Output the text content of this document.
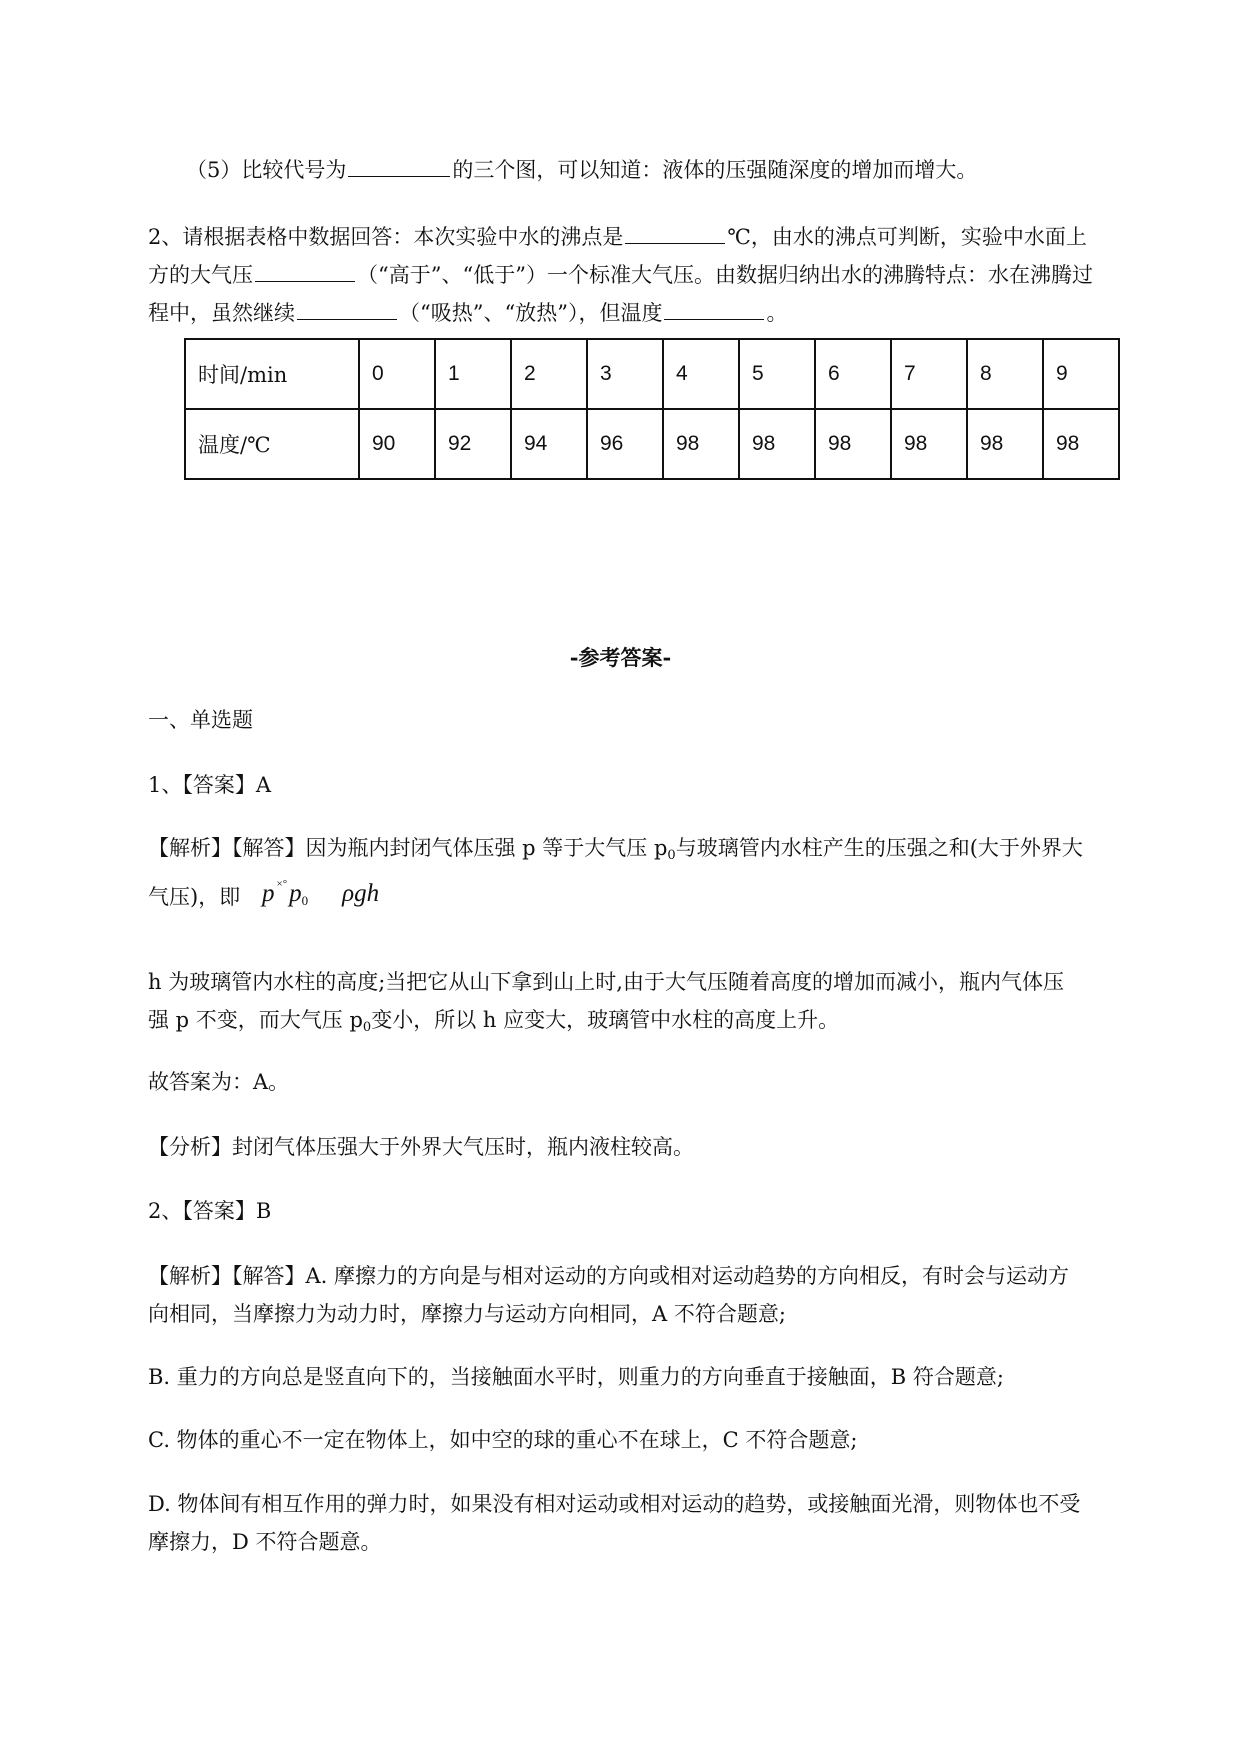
（5）比较代号为	的三个图，可以知道：液体的压强随深度的增加而增大。
2、请根据表格中数据回答：本次实验中水的沸点是	℃，由水的沸点可判断，实验中水面上
方的大气压	（“高于”、“低于”）一个标准大气压。由数据归纳出水的沸腾特点：水在沸腾过
程中，虽然继续	（“吸热”、“放热”），但温度	。
时间/min	0	1	2	3	4	5	6	7	8	9
温度/℃	90	92	94	96	98	98	98	98	98	98
-参考答案-
一、单选题
1、【答案】A
【解析】【解答】因为瓶内封闭气体压强 p 等于大气压 p0与玻璃管内水柱产生的压强之和(大于外界大
气压)，即 p ×°p0 ρgh
h 为玻璃管内水柱的高度;当把它从山下拿到山上时,由于大气压随着高度的增加而减小，瓶内气体压
强 p 不变，而大气压 p0变小，所以 h 应变大，玻璃管中水柱的高度上升。
故答案为：A。
【分析】封闭气体压强大于外界大气压时，瓶内液柱较高。
2、【答案】B
【解析】【解答】A. 摩擦力的方向是与相对运动的方向或相对运动趋势的方向相反，有时会与运动方
向相同，当摩擦力为动力时，摩擦力与运动方向相同，A 不符合题意;
B. 重力的方向总是竖直向下的，当接触面水平时，则重力的方向垂直于接触面，B 符合题意;
C. 物体的重心不一定在物体上，如中空的球的重心不在球上，C 不符合题意;
D. 物体间有相互作用的弹力时，如果没有相对运动或相对运动的趋势，或接触面光滑，则物体也不受
摩擦力，D 不符合题意。
